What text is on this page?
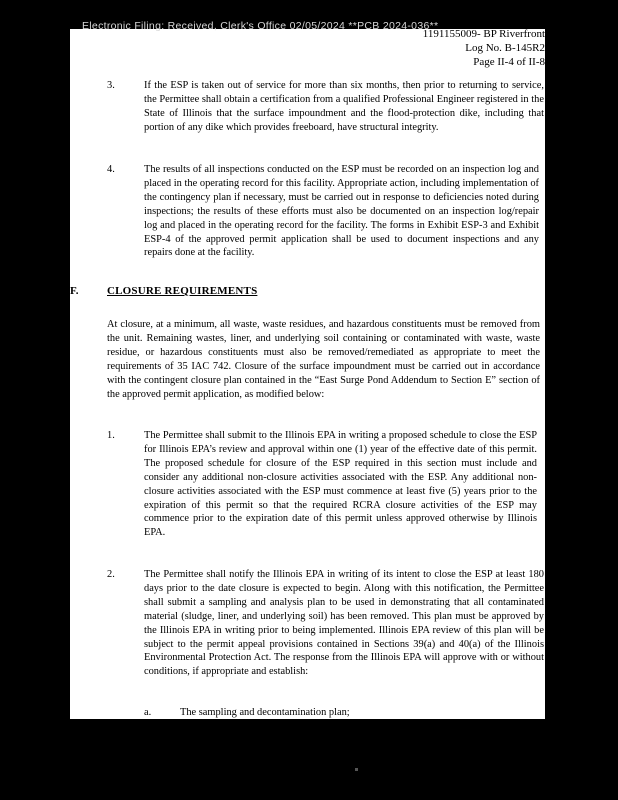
Electronic Filing: Received, Clerk's Office 02/05/2024 **PCB 2024-036**
1191155009- BP Riverfront
Log No. B-145R2
Page II-4 of II-8
3.	If the ESP is taken out of service for more than six months, then prior to returning to service, the Permittee shall obtain a certification from a qualified Professional Engineer registered in the State of Illinois that the surface impoundment and the flood-protection dike, including that portion of any dike which provides freeboard, have structural integrity.
4.	The results of all inspections conducted on the ESP must be recorded on an inspection log and placed in the operating record for this facility. Appropriate action, including implementation of the contingency plan if necessary, must be carried out in response to deficiencies noted during inspections; the results of these efforts must also be documented on an inspection log/repair log and placed in the operating record for the facility. The forms in Exhibit ESP-3 and Exhibit ESP-4 of the approved permit application shall be used to document inspections and any repairs done at the facility.
F.	CLOSURE REQUIREMENTS
At closure, at a minimum, all waste, waste residues, and hazardous constituents must be removed from the unit. Remaining wastes, liner, and underlying soil containing or contaminated with waste, waste residue, or hazardous constituents must also be removed/remediated as appropriate to meet the requirements of 35 IAC 742. Closure of the surface impoundment must be carried out in accordance with the contingent closure plan contained in the “East Surge Pond Addendum to Section E” section of the approved permit application, as modified below:
1.	The Permittee shall submit to the Illinois EPA in writing a proposed schedule to close the ESP for Illinois EPA’s review and approval within one (1) year of the effective date of this permit. The proposed schedule for closure of the ESP required in this section must include and consider any additional non-closure activities associated with the ESP. Any additional non-closure activities associated with the ESP must commence at least five (5) years prior to the expiration of this permit so that the required RCRA closure activities of the ESP may commence prior to the expiration date of this permit unless approved otherwise by Illinois EPA.
2.	The Permittee shall notify the Illinois EPA in writing of its intent to close the ESP at least 180 days prior to the date closure is expected to begin. Along with this notification, the Permittee shall submit a sampling and analysis plan to be used in demonstrating that all contaminated material (sludge, liner, and underlying soil) has been removed. This plan must be approved by the Illinois EPA in writing prior to being implemented. Illinois EPA review of this plan will be subject to the permit appeal provisions contained in Sections 39(a) and 40(a) of the Illinois Environmental Protection Act. The response from the Illinois EPA will approve with or without conditions, if appropriate and establish:
a.	The sampling and decontamination plan;
